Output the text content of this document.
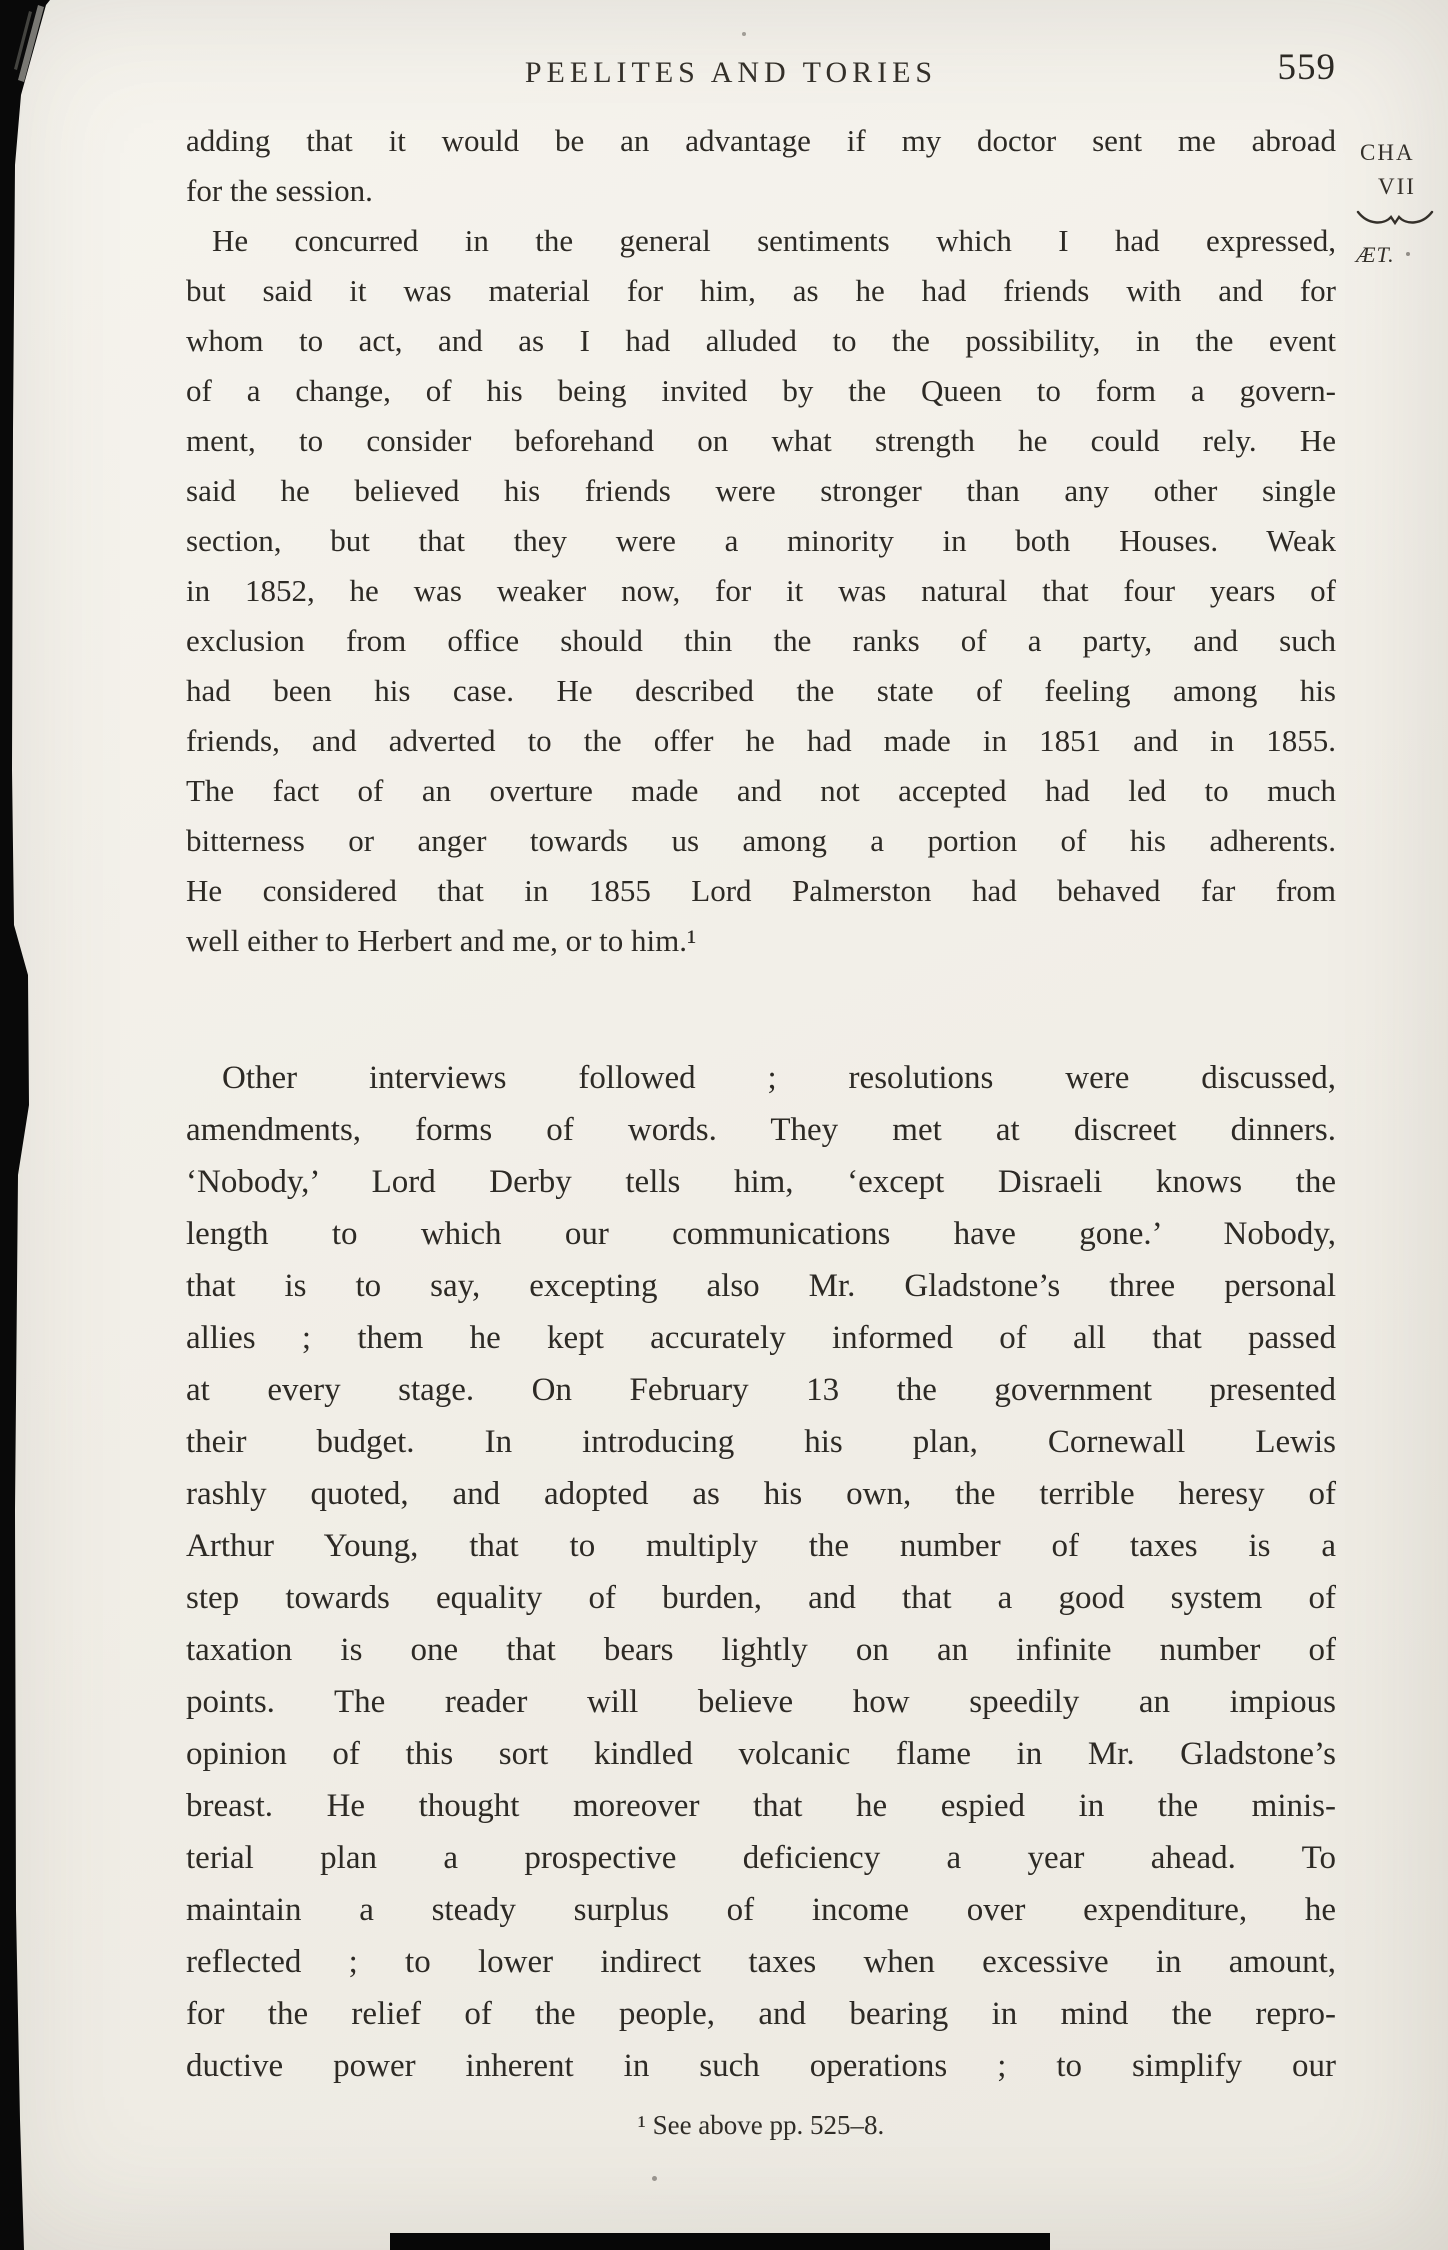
PEELITES AND TORIES	559
CHA
VII
ÆT.
adding that it would be an advantage if my doctor sent me abroad
for the session.
He concurred in the general sentiments which I had expressed,
but said it was material for him, as he had friends with and for
whom to act, and as I had alluded to the possibility, in the event
of a change, of his being invited by the Queen to form a govern-
ment, to consider beforehand on what strength he could rely. He
said he believed his friends were stronger than any other single
section, but that they were a minority in both Houses. Weak
in 1852, he was weaker now, for it was natural that four years of
exclusion from office should thin the ranks of a party, and such
had been his case. He described the state of feeling among his
friends, and adverted to the offer he had made in 1851 and in 1855.
The fact of an overture made and not accepted had led to much
bitterness or anger towards us among a portion of his adherents.
He considered that in 1855 Lord Palmerston had behaved far from
well either to Herbert and me, or to him.¹
Other interviews followed ; resolutions were discussed,
amendments, forms of words. They met at discreet dinners.
‘Nobody,’ Lord Derby tells him, ‘except Disraeli knows the
length to which our communications have gone.’ Nobody,
that is to say, excepting also Mr. Gladstone’s three personal
allies ; them he kept accurately informed of all that passed
at every stage. On February 13 the government presented
their budget. In introducing his plan, Cornewall Lewis
rashly quoted, and adopted as his own, the terrible heresy of
Arthur Young, that to multiply the number of taxes is a
step towards equality of burden, and that a good system of
taxation is one that bears lightly on an infinite number of
points. The reader will believe how speedily an impious
opinion of this sort kindled volcanic flame in Mr. Gladstone’s
breast. He thought moreover that he espied in the minis-
terial plan a prospective deficiency a year ahead. To
maintain a steady surplus of income over expenditure, he
reflected ; to lower indirect taxes when excessive in amount,
for the relief of the people, and bearing in mind the repro-
ductive power inherent in such operations ; to simplify our
¹ See above pp. 525–8.
